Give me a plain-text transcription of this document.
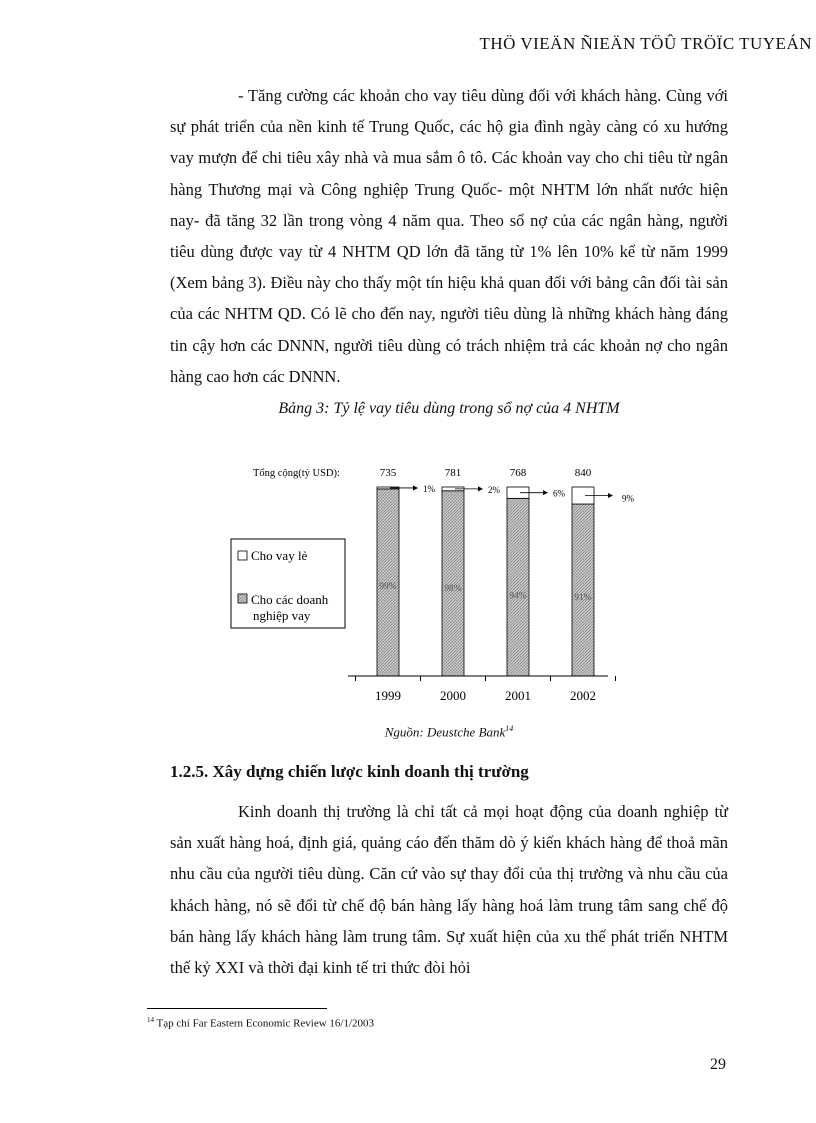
THÖ VIEÄN ÑIEÄN TÖÛ TRÖÏC TUYEÁN

- Tăng cường các khoản cho vay tiêu dùng đối với khách hàng. Cùng với sự phát triển của nền kinh tế Trung Quốc, các hộ gia đình ngày càng có xu hướng vay mượn để chi tiêu xây nhà và mua sắm ô tô. Các khoản vay cho chi tiêu từ ngân hàng Thương mại và Công nghiệp Trung Quốc- một NHTM lớn nhất nước hiện nay- đã tăng 32 lần trong vòng 4 năm qua. Theo sổ nợ của các ngân hàng, người tiêu dùng được vay từ 4 NHTM QD lớn đã tăng từ 1% lên 10% kể từ năm 1999 (Xem bảng 3). Điều này cho thấy một tín hiệu khả quan đối với bảng cân đối tài sản của các NHTM QD. Có lẽ cho đến nay, người tiêu dùng là những khách hàng đáng tin cậy hơn các DNNN, người tiêu dùng có trách nhiệm trả các khoản nợ cho ngân hàng cao hơn các DNNN.

Bảng 3: Tỷ lệ vay tiêu dùng trong sổ nợ của 4 NHTM
99%
735
1999
1%
98%
781
2000
2%
94%
768
2001
6%
91%
840
2002
9%
Tổng cộng(tỷ USD):
Cho vay lẻ
Cho các doanh
nghiệp vay
Nguồn: Deustche Bank$^{14}$
1.2.5. Xây dựng chiến lược kinh doanh thị trường

Kinh doanh thị trường là chỉ tất cả mọi hoạt động của doanh nghiệp từ sản xuất hàng hoá, định giá, quảng cáo đến thăm dò ý kiến khách hàng để thoả mãn nhu cầu của người tiêu dùng. Căn cứ vào sự thay đổi của thị trường và nhu cầu của khách hàng, nó sẽ đổi từ chế độ bán hàng lấy hàng hoá làm trung tâm sang chế độ bán hàng lấy khách hàng làm trung tâm. Sự xuất hiện của xu thế phát triển NHTM thế kỷ XXI và thời đại kinh tế tri thức đòi hỏi

$^{14}$ Tạp chí Far Eastern Economic Review 16/1/2003
29
